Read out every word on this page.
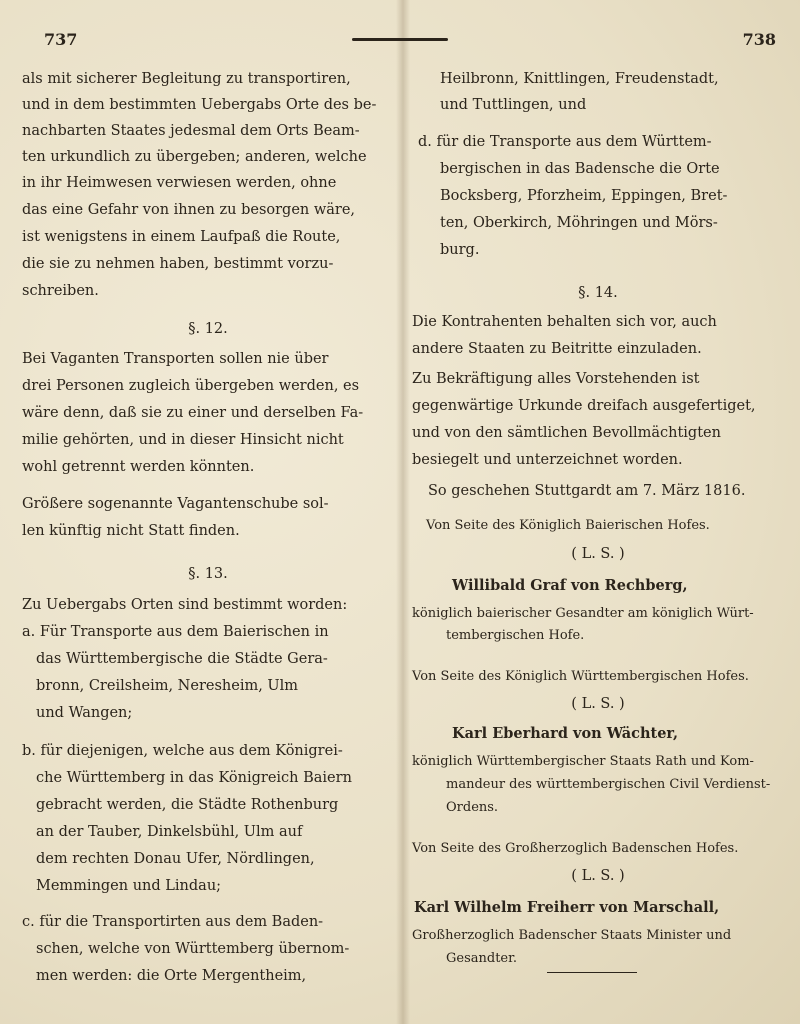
737
als mit sicherer Begleitung zu transportiren,
und in dem bestimmten Uebergabs Orte des be-
nachbarten Staates jedesmal dem Orts Beam-
ten urkundlich zu übergeben; anderen, welche
in ihr Heimwesen verwiesen werden, ohne
das eine Gefahr von ihnen zu besorgen wäre,
ist wenigstens in einem Laufpaß die Route,
die sie zu nehmen haben, bestimmt vorzu-
schreiben.
§. 12.
Bei Vaganten Transporten sollen nie über
drei Personen zugleich übergeben werden, es
wäre denn, daß sie zu einer und derselben Fa-
milie gehörten, und in dieser Hinsicht nicht
wohl getrennt werden könnten.
Größere sogenannte Vagantenschube sol-
len künftig nicht Statt finden.
§. 13.
Zu Uebergabs Orten sind bestimmt worden:
a. Für Transporte aus dem Baierischen in
das Württembergische die Städte Gera-
bronn, Creilsheim, Neresheim, Ulm
und Wangen;
b. für diejenigen, welche aus dem Königrei-
che Württemberg in das Königreich Baiern
gebracht werden, die Städte Rothenburg
an der Tauber, Dinkelsbühl, Ulm auf
dem rechten Donau Ufer, Nördlingen,
Memmingen und Lindau;
c. für die Transportirten aus dem Baden-
schen, welche von Württemberg übernom-
men werden: die Orte Mergentheim,
738
Heilbronn, Knittlingen, Freudenstadt,
und Tuttlingen, und
d. für die Transporte aus dem Württem-
bergischen in das Badensche die Orte
Bocksberg, Pforzheim, Eppingen, Bret-
ten, Oberkirch, Möhringen und Mörs-
burg.
§. 14.
Die Kontrahenten behalten sich vor, auch
andere Staaten zu Beitritte einzuladen.
Zu Bekräftigung alles Vorstehenden ist
gegenwärtige Urkunde dreifach ausgefertiget,
und von den sämtlichen Bevollmächtigten
besiegelt und unterzeichnet worden.
So geschehen Stuttgardt am 7. März 1816.
Von Seite des Königlich Baierischen Hofes.
( L. S. )
Willibald Graf von Rechberg,
königlich baierischer Gesandter am königlich Würt-
tembergischen Hofe.
Von Seite des Königlich Württembergischen Hofes.
( L. S. )
Karl Eberhard von Wächter,
königlich Württembergischer Staats Rath und Kom-
mandeur des württembergischen Civil Verdienst-
Ordens.
Von Seite des Großherzoglich Badenschen Hofes.
( L. S. )
Karl Wilhelm Freiherr von Marschall,
Großherzoglich Badenscher Staats Minister und
Gesandter.
